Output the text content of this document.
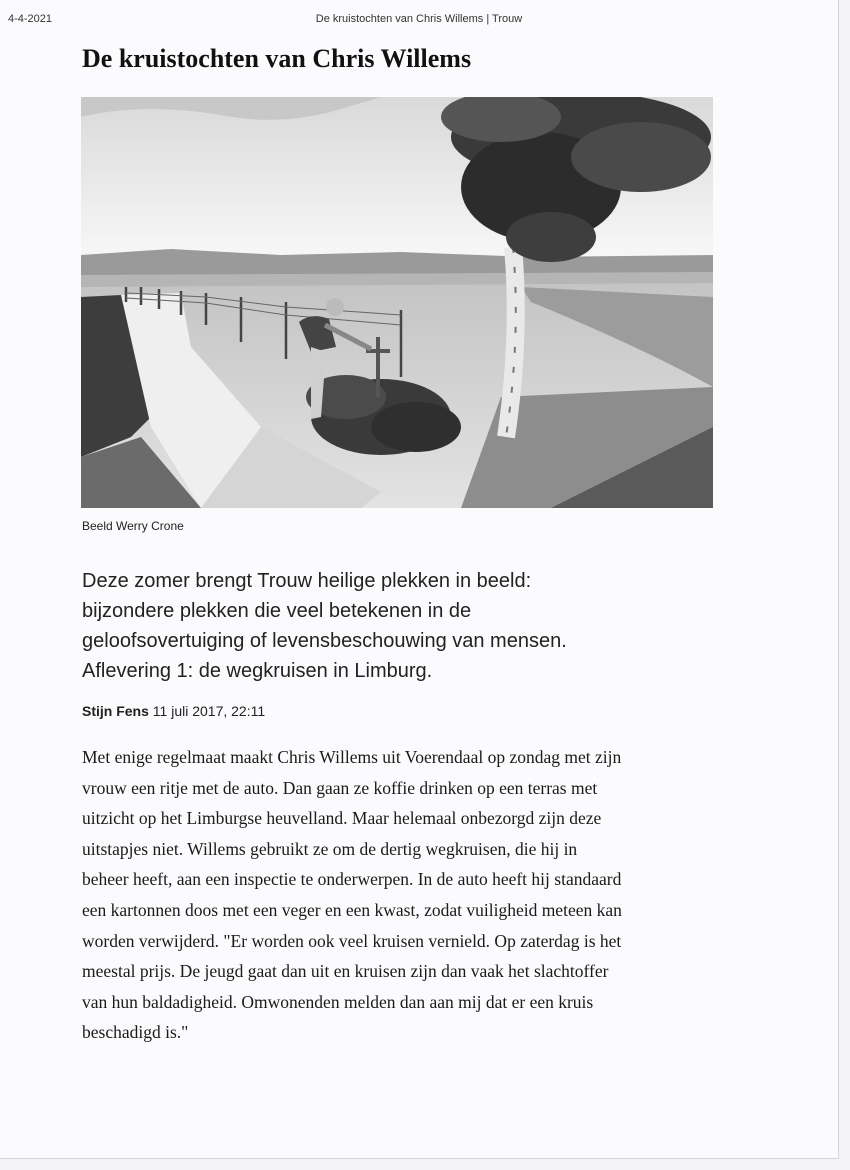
4-4-2021	De kruistochten van Chris Willems | Trouw
De kruistochten van Chris Willems
Beeld Werry Crone

Deze zomer brengt Trouw heilige plekken in beeld:
bijzondere plekken die veel betekenen in de
geloofsovertuiging of levensbeschouwing van mensen.
Aflevering 1: de wegkruisen in Limburg.

Stijn Fens 11 juli 2017, 22:11

Met enige regelmaat maakt Chris Willems uit Voerendaal op zondag met zijn
vrouw een ritje met de auto. Dan gaan ze koffie drinken op een terras met
uitzicht op het Limburgse heuvelland. Maar helemaal onbezorgd zijn deze
uitstapjes niet. Willems gebruikt ze om de dertig wegkruisen, die hij in
beheer heeft, aan een inspectie te onderwerpen. In de auto heeft hij standaard
een kartonnen doos met een veger en een kwast, zodat vuiligheid meteen kan
worden verwijderd. "Er worden ook veel kruisen vernield. Op zaterdag is het
meestal prijs. De jeugd gaat dan uit en kruisen zijn dan vaak het slachtoffer
van hun baldadigheid. Omwonenden melden dan aan mij dat er een kruis
beschadigd is."
